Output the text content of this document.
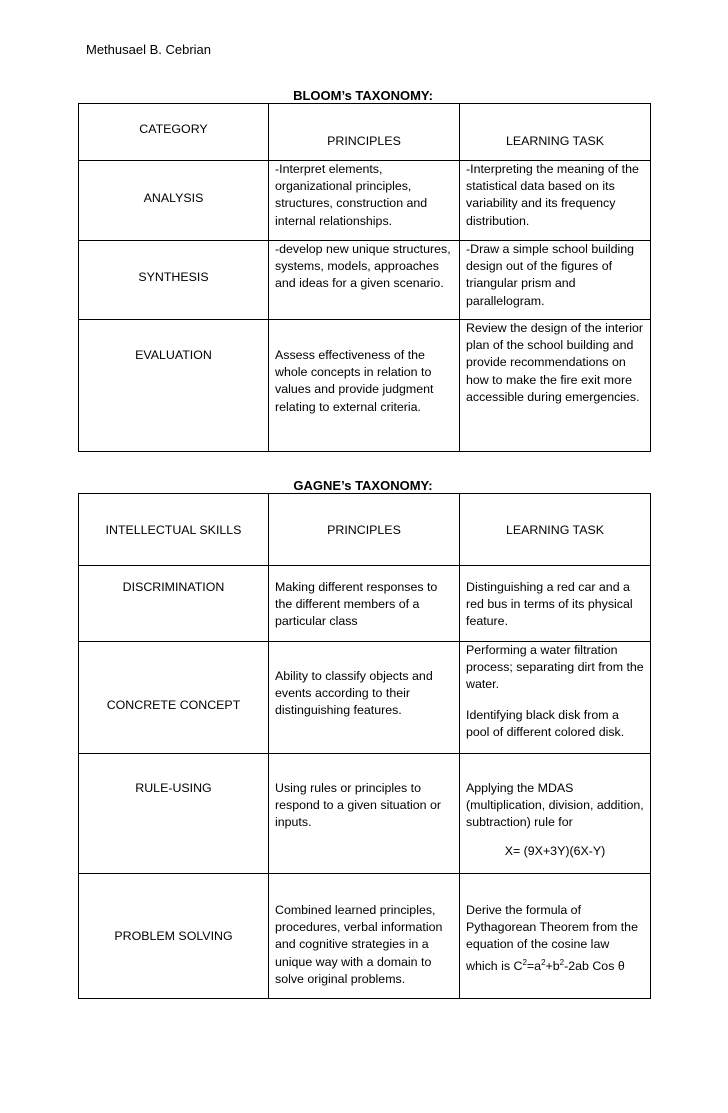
Methusael B. Cebrian
BLOOM’s TAXONOMY:
CATEGORY	PRINCIPLES	LEARNING TASK
ANALYSIS	-Interpret elements, organizational principles, structures, construction and internal relationships.	-Interpreting the meaning of the statistical data based on its variability and its frequency distribution.
SYNTHESIS	-develop new unique structures, systems, models, approaches and ideas for a given scenario.	-Draw a simple school building design out of the figures of triangular prism and parallelogram.
EVALUATION	Assess effectiveness of the whole concepts in relation to values and provide judgment relating to external criteria.	Review the design of the interior plan of the school building and provide recommendations on how to make the fire exit more accessible during emergencies.
GAGNE’s TAXONOMY:
INTELLECTUAL SKILLS	PRINCIPLES	LEARNING TASK
DISCRIMINATION	Making different responses to the different members of a particular class	Distinguishing a red car and a red bus in terms of its physical feature.
CONCRETE CONCEPT	Ability to classify objects and events according to their distinguishing features.	Performing a water filtration process; separating dirt from the water.

Identifying black disk from a pool of different colored disk.

RULE-USING	Using rules or principles to respond to a given situation or inputs.	Applying the MDAS (multiplication, division, addition, subtraction) rule for

X= (9X+3Y)(6X-Y)

PROBLEM SOLVING	Combined learned principles, procedures, verbal information and cognitive strategies in a unique way with a domain to solve original problems.	Derive the formula of Pythagorean Theorem from the equation of the cosine law which is $C^2=a^2+b^2-2ab$ Cos θ
